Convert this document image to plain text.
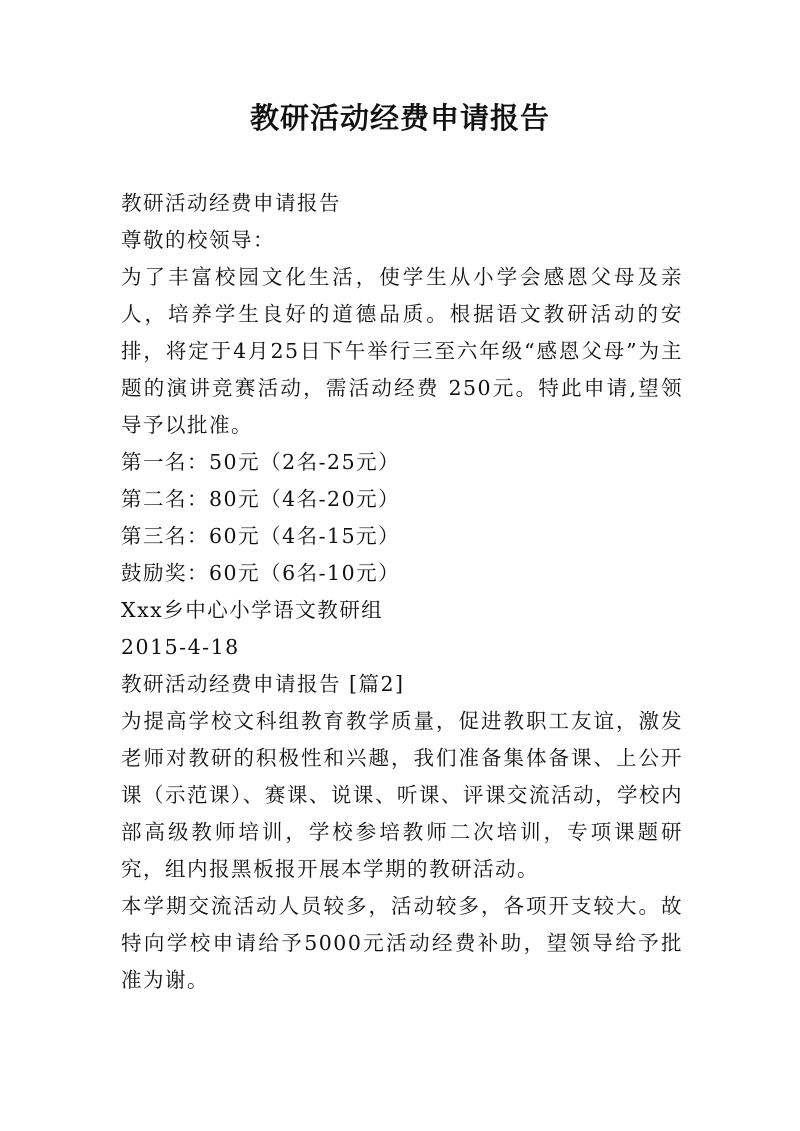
教研活动经费申请报告

教研活动经费申请报告

尊敬的校领导：

为了丰富校园文化生活，使学生从小学会感恩父母及亲人，培养学生良好的道德品质。根据语文教研活动的安排，将定于4月25日下午举行三至六年级“感恩父母”为主题的演讲竞赛活动，需活动经费 250元。特此申请,望领导予以批准。

第一名：50元（2名-25元）

第二名：80元（4名-20元）

第三名：60元（4名-15元）

鼓励奖：60元（6名-10元）

Xxx乡中心小学语文教研组

2015-4-18

教研活动经费申请报告 [篇2]

为提高学校文科组教育教学质量，促进教职工友谊，激发老师对教研的积极性和兴趣，我们准备集体备课、上公开课（示范课）、赛课、说课、听课、评课交流活动，学校内部高级教师培训，学校参培教师二次培训，专项课题研究，组内报黑板报开展本学期的教研活动。

本学期交流活动人员较多，活动较多，各项开支较大。故特向学校申请给予5000元活动经费补助，望领导给予批准为谢。
